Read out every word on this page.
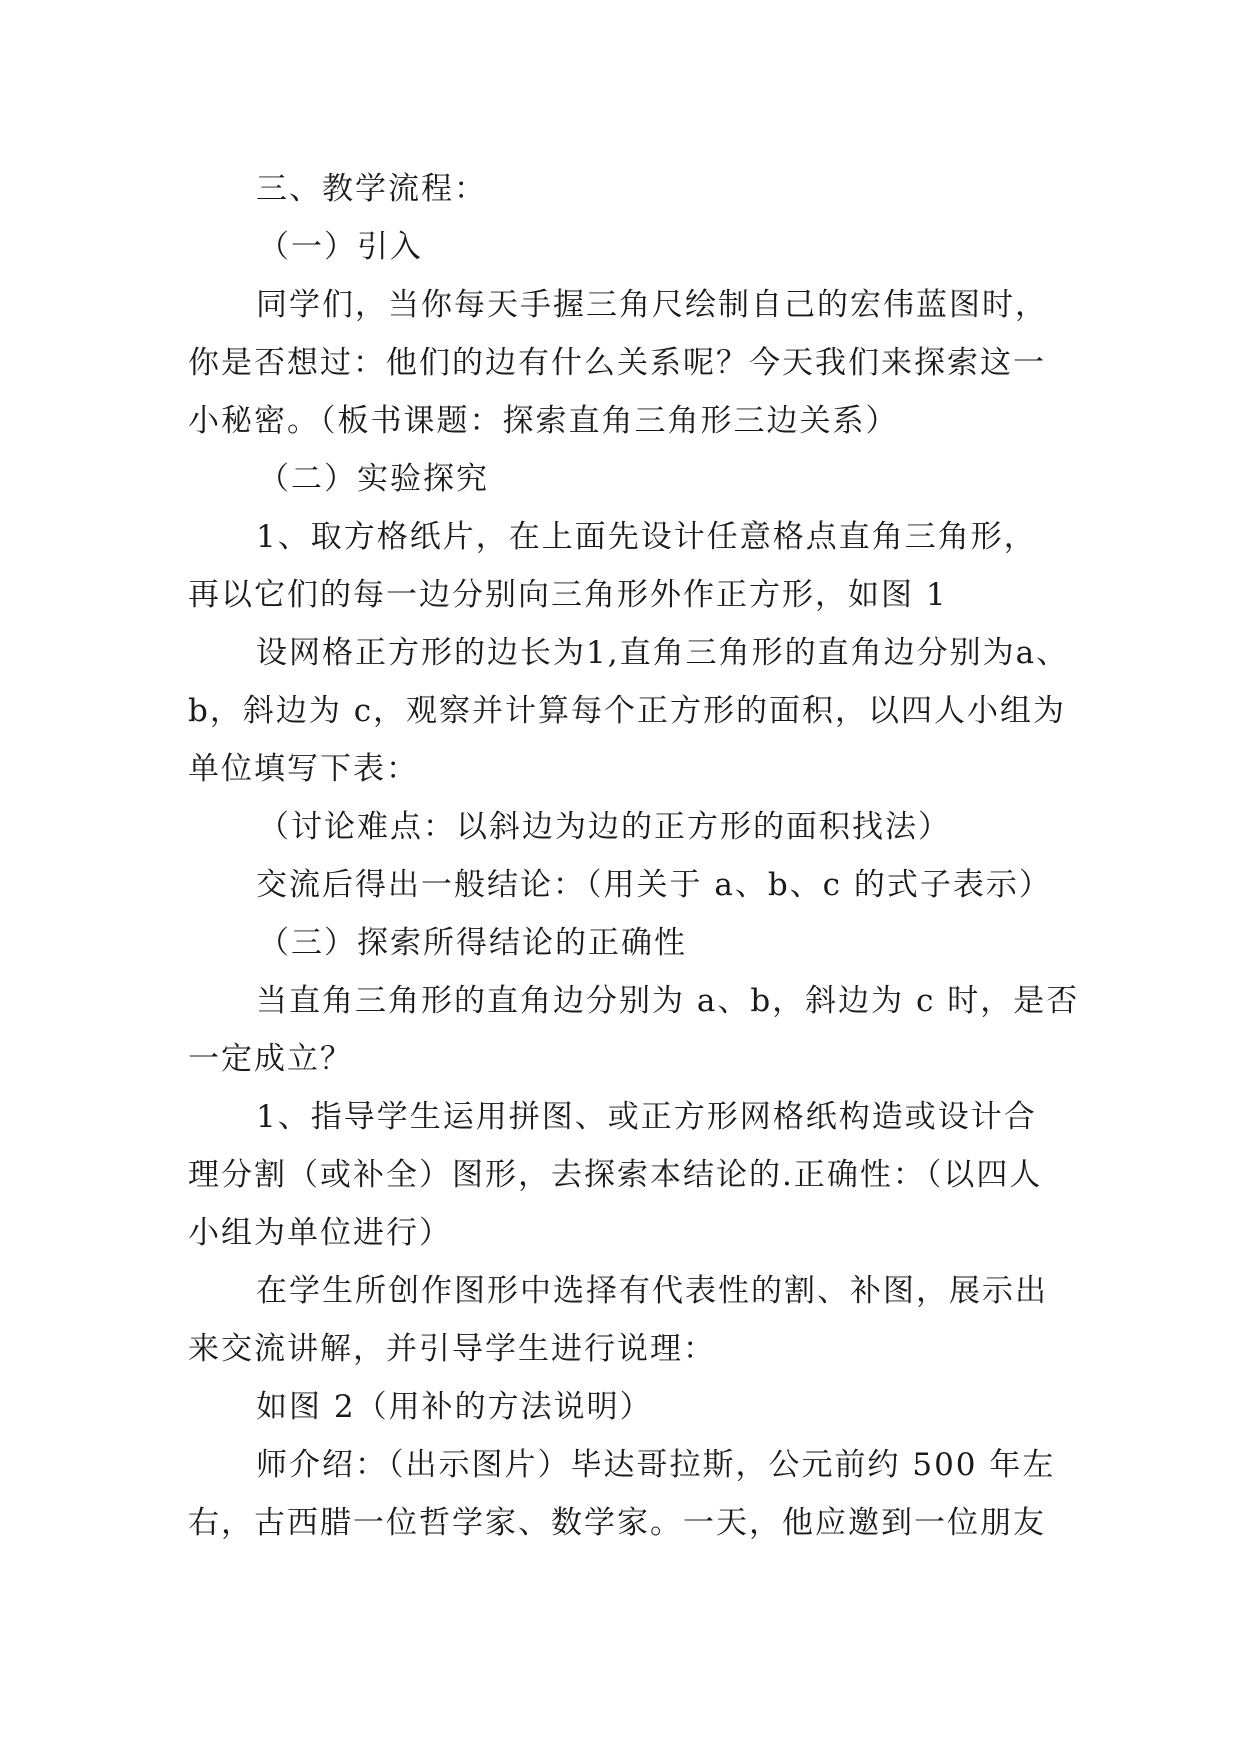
三、教学流程：
（一）引入
同学们，当你每天手握三角尺绘制自己的宏伟蓝图时，
你是否想过：他们的边有什么关系呢？今天我们来探索这一
小秘密。（板书课题：探索直角三角形三边关系）
（二）实验探究
1、取方格纸片，在上面先设计任意格点直角三角形，
再以它们的每一边分别向三角形外作正方形，如图 1
设网格正方形的边长为1,直角三角形的直角边分别为a、
b，斜边为 c，观察并计算每个正方形的面积，以四人小组为
单位填写下表：
（讨论难点：以斜边为边的正方形的面积找法）
交流后得出一般结论：（用关于 a、b、c 的式子表示）
（三）探索所得结论的正确性
当直角三角形的直角边分别为 a、b，斜边为 c 时，是否
一定成立？
1、指导学生运用拼图、或正方形网格纸构造或设计合
理分割（或补全）图形，去探索本结论的.正确性：（以四人
小组为单位进行）
在学生所创作图形中选择有代表性的割、补图，展示出
来交流讲解，并引导学生进行说理：
如图 2（用补的方法说明）
师介绍：（出示图片）毕达哥拉斯，公元前约 500 年左
右，古西腊一位哲学家、数学家。一天，他应邀到一位朋友
